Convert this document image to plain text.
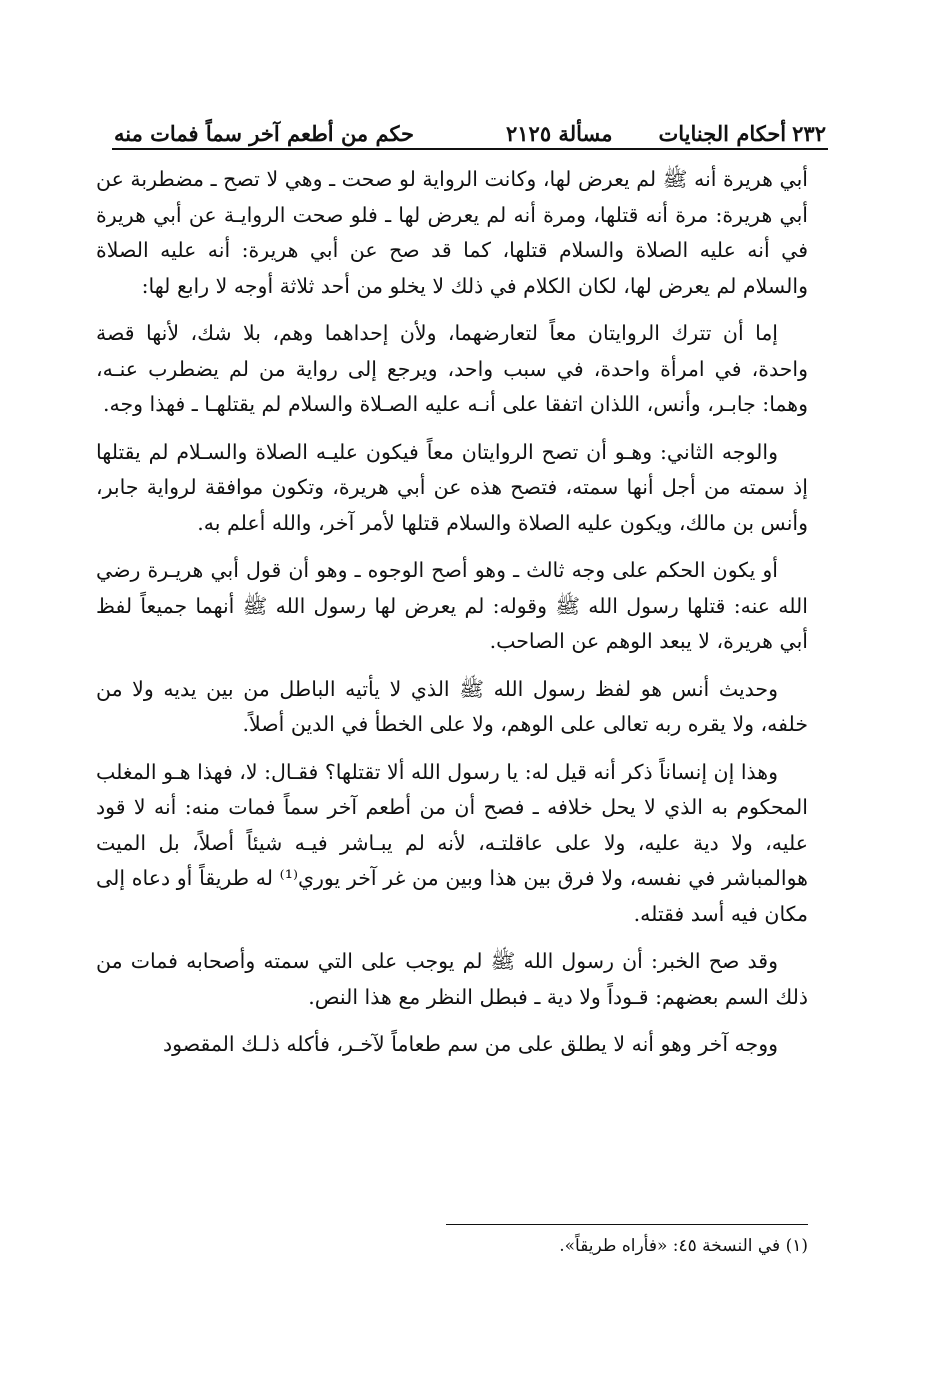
٢٣٢
أحكام الجنايات
مسألة ٢١٢٥
حكم من أطعم آخر سماً فمات منه

أبي هريرة أنه ﷺ لم يعرض لها، وكانت الرواية لو صحت ـ وهي لا تصح ـ مضطربة عن أبي هريرة: مرة أنه قتلها، ومرة أنه لم يعرض لها ـ فلو صحت الروايـة عن أبي هريرة في أنه عليه الصلاة والسلام قتلها، كما قد صح عن أبي هريرة: أنه عليه الصلاة والسلام لم يعرض لها، لكان الكلام في ذلك لا يخلو من أحد ثلاثة أوجه لا رابع لها:

إما أن تترك الروايتان معاً لتعارضهما، ولأن إحداهما وهم، بلا شك، لأنها قصة واحدة، في امرأة واحدة، في سبب واحد، ويرجع إلى رواية من لم يضطرب عنـه، وهما: جابـر، وأنس، اللذان اتفقا على أنـه عليه الصـلاة والسلام لم يقتلهـا ـ فهذا وجه.

والوجه الثاني: وهـو أن تصح الروايتان معاً فيكون عليـه الصلاة والسـلام لم يقتلها إذ سمته من أجل أنها سمته، فتصح هذه عن أبي هريرة، وتكون موافقة لرواية جابر، وأنس بن مالك، ويكون عليه الصلاة والسلام قتلها لأمر آخر، والله أعلم به.

أو يكون الحكم على وجه ثالث ـ وهو أصح الوجوه ـ وهو أن قول أبي هريـرة رضي الله عنه: قتلها رسول الله ﷺ وقوله: لم يعرض لها رسول الله ﷺ أنهما جميعاً لفظ أبي هريرة، لا يبعد الوهم عن الصاحب.

وحديث أنس هو لفظ رسول الله ﷺ الذي لا يأتيه الباطل من بين يديه ولا من خلفه، ولا يقره ربه تعالى على الوهم، ولا على الخطأ في الدين أصلاً.

وهذا إن إنساناً ذكر أنه قيل له: يا رسول الله ألا تقتلها؟ فقـال: لا، فهذا هـو المغلب المحكوم به الذي لا يحل خلافه ـ فصح أن من أطعم آخر سماً فمات منه: أنه لا قود عليه، ولا دية عليه، ولا على عاقلتـه، لأنه لم يبـاشر فيـه شيئاً أصلاً، بل الميت هوالمباشر في نفسه، ولا فرق بين هذا وبين من غر آخر يوري⁽¹⁾ له طريقاً أو دعاه إلى مكان فيه أسد فقتله.

وقد صح الخبر: أن رسول الله ﷺ لم يوجب على التي سمته وأصحابه فمات من ذلك السم بعضهم: قـوداً ولا دية ـ فبطل النظر مع هذا النص.

ووجه آخر وهو أنه لا يطلق على من سم طعاماً لآخـر، فأكله ذلـك المقصود

(١) في النسخة ٤٥: «فأراه طريقاً».
